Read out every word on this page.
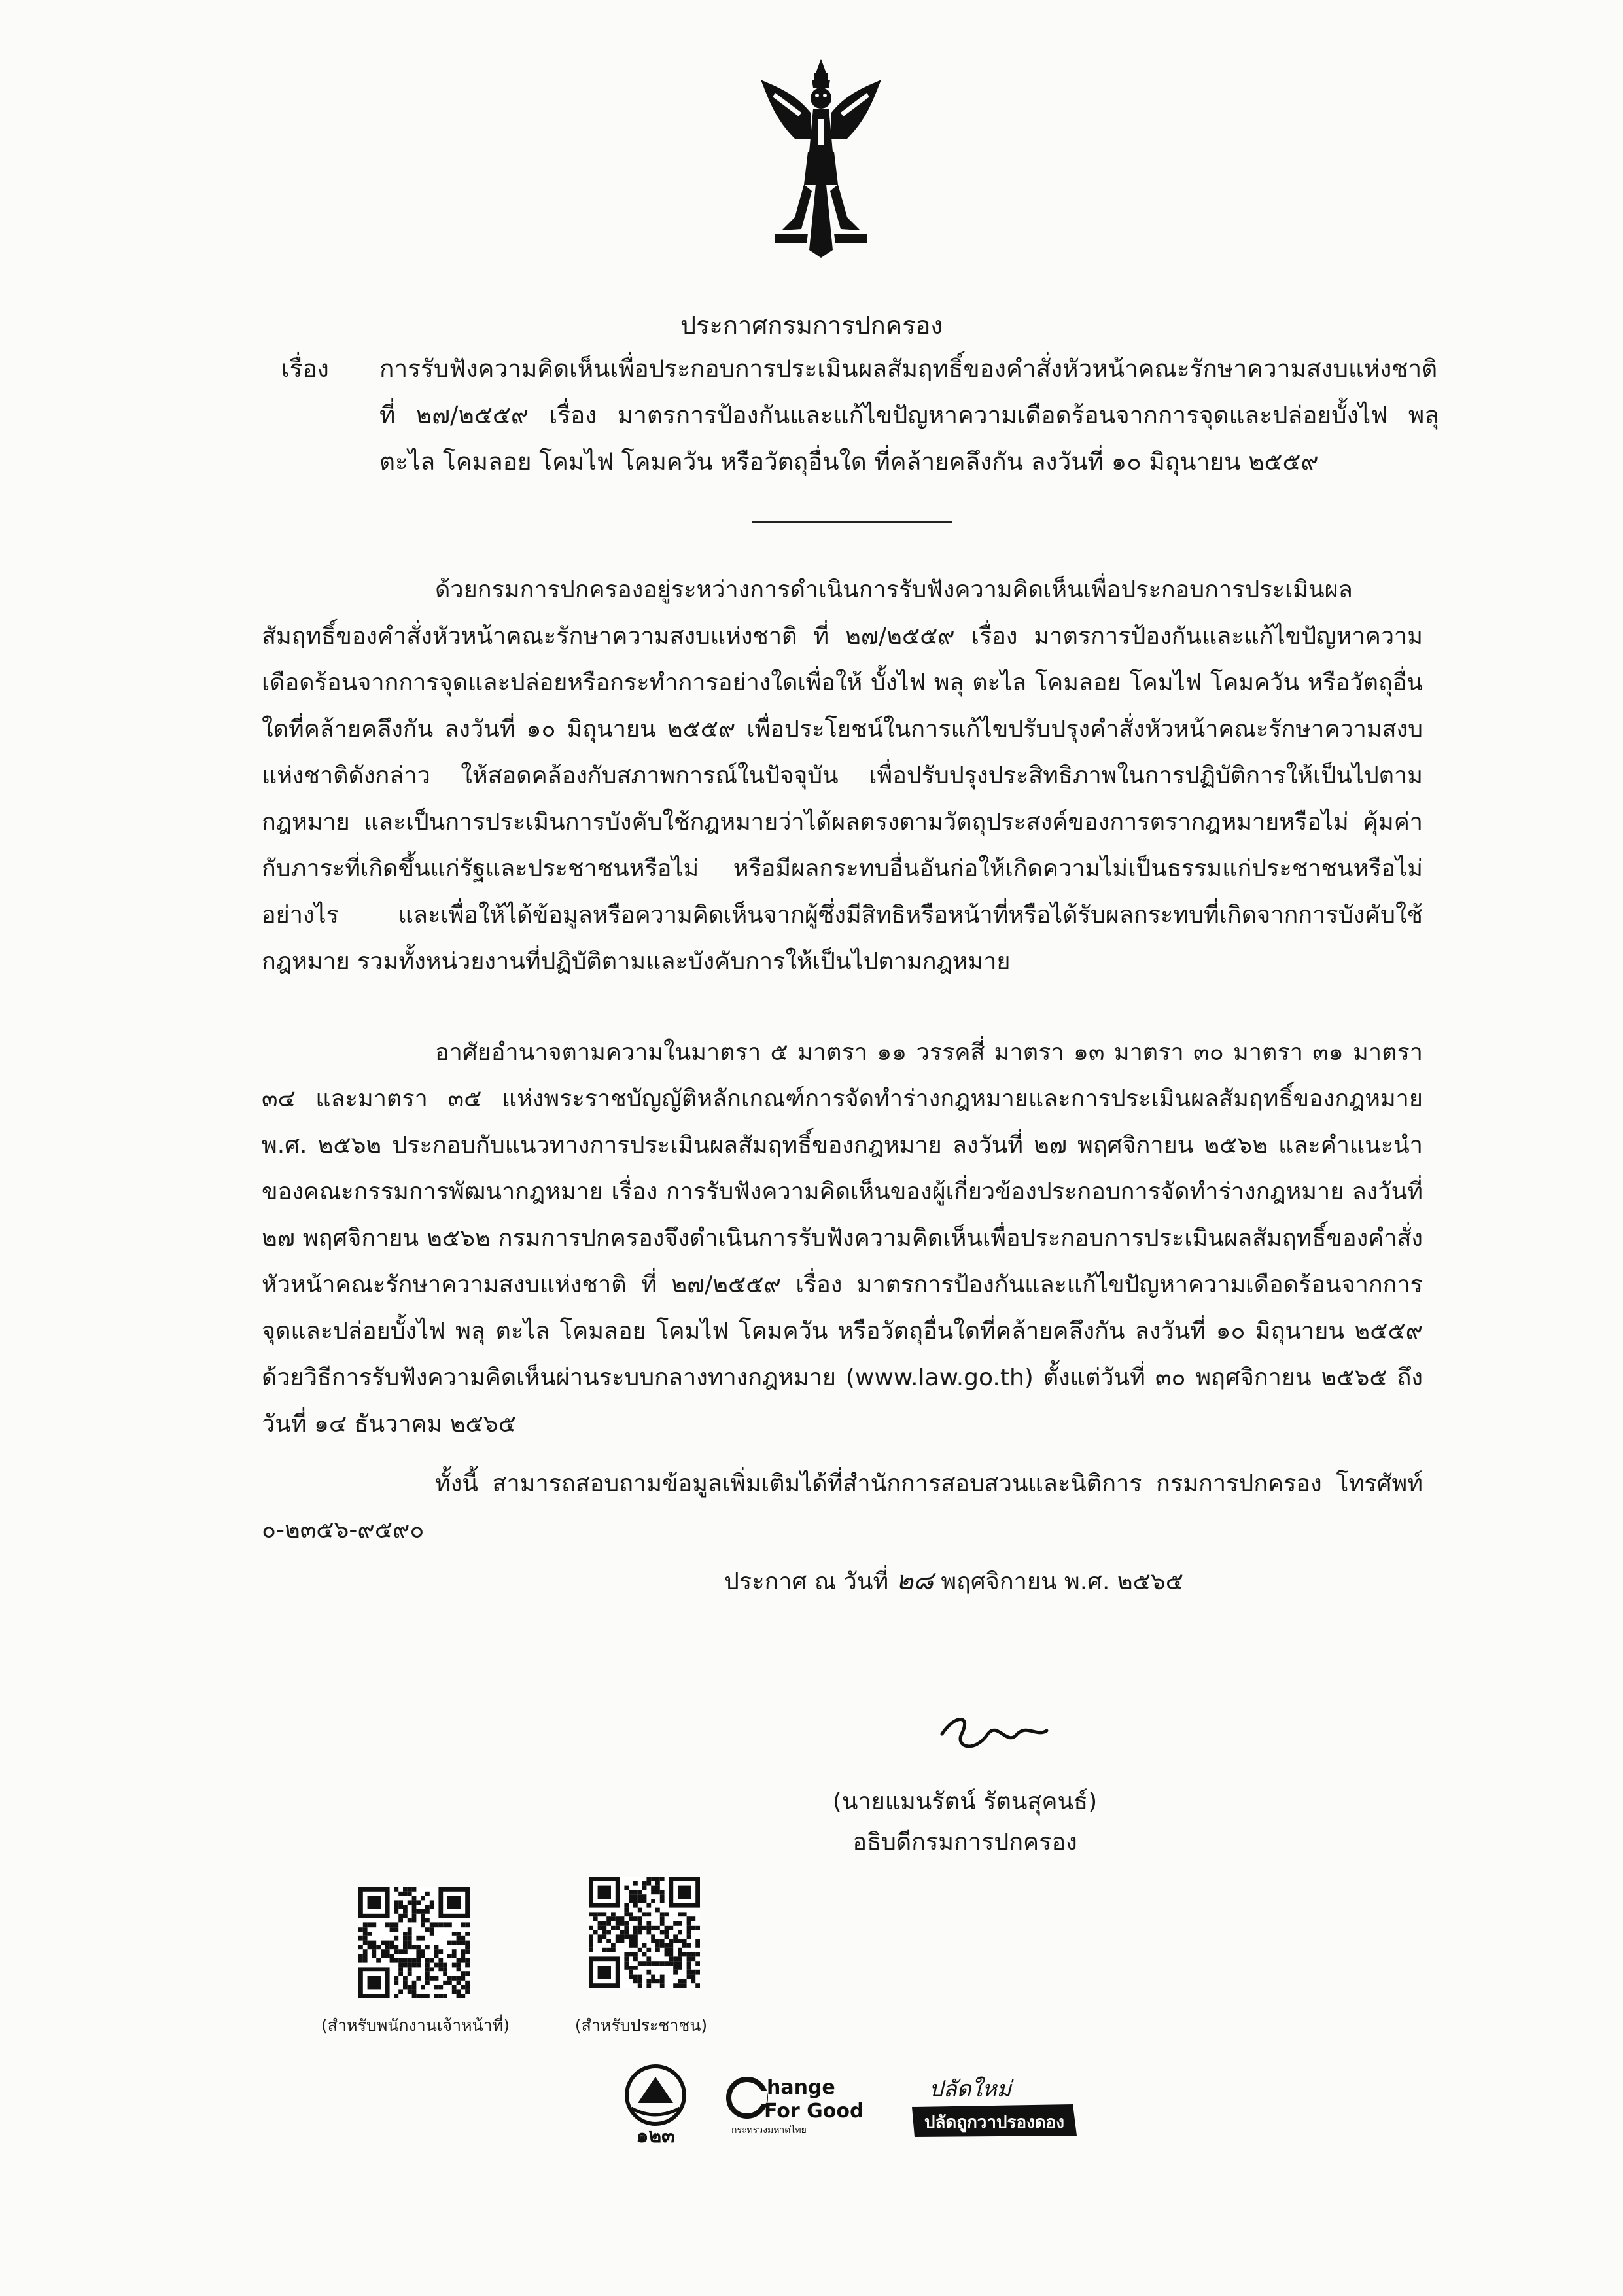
ประกาศกรมการปกครอง
เรื่อง การรับฟังความคิดเห็นเพื่อประกอบการประเมินผลสัมฤทธิ์ของคำสั่งหัวหน้าคณะรักษาความสงบแห่งชาติ ที่ ๒๗/๒๕๕๙ เรื่อง มาตรการป้องกันและแก้ไขปัญหาความเดือดร้อนจากการจุดและปล่อยบั้งไฟ พลุ ตะไล โคมลอย โคมไฟ โคมควัน หรือวัตถุอื่นใด ที่คล้ายคลึงกัน ลงวันที่ ๑๐ มิถุนายน ๒๕๕๙

ด้วยกรมการปกครองอยู่ระหว่างการดำเนินการรับฟังความคิดเห็นเพื่อประกอบการประเมินผลสัมฤทธิ์ของคำสั่งหัวหน้าคณะรักษาความสงบแห่งชาติ ที่ ๒๗/๒๕๕๙ เรื่อง มาตรการป้องกันและแก้ไขปัญหาความเดือดร้อนจากการจุดและปล่อยหรือกระทำการอย่างใดเพื่อให้ บั้งไฟ พลุ ตะไล โคมลอย โคมไฟ โคมควัน หรือวัตถุอื่นใดที่คล้ายคลึงกัน ลงวันที่ ๑๐ มิถุนายน ๒๕๕๙ เพื่อประโยชน์ในการแก้ไขปรับปรุงคำสั่งหัวหน้าคณะรักษาความสงบแห่งชาติดังกล่าว ให้สอดคล้องกับสภาพการณ์ในปัจจุบัน เพื่อปรับปรุงประสิทธิภาพในการปฏิบัติการให้เป็นไปตามกฎหมาย และเป็นการประเมินการบังคับใช้กฎหมายว่าได้ผลตรงตามวัตถุประสงค์ของการตรากฎหมายหรือไม่ คุ้มค่ากับภาระที่เกิดขึ้นแก่รัฐและประชาชนหรือไม่ หรือมีผลกระทบอื่นอันก่อให้เกิดความไม่เป็นธรรมแก่ประชาชนหรือไม่ อย่างไร และเพื่อให้ได้ข้อมูลหรือความคิดเห็นจากผู้ซึ่งมีสิทธิหรือหน้าที่หรือได้รับผลกระทบที่เกิดจากการบังคับใช้กฎหมาย รวมทั้งหน่วยงานที่ปฏิบัติตามและบังคับการให้เป็นไปตามกฎหมาย

อาศัยอำนาจตามความในมาตรา ๕ มาตรา ๑๑ วรรคสี่ มาตรา ๑๓ มาตรา ๓๐ มาตรา ๓๑ มาตรา ๓๔ และมาตรา ๓๕ แห่งพระราชบัญญัติหลักเกณฑ์การจัดทำร่างกฎหมายและการประเมินผลสัมฤทธิ์ของกฎหมาย พ.ศ. ๒๕๖๒ ประกอบกับแนวทางการประเมินผลสัมฤทธิ์ของกฎหมาย ลงวันที่ ๒๗ พฤศจิกายน ๒๕๖๒ และคำแนะนำของคณะกรรมการพัฒนากฎหมาย เรื่อง การรับฟังความคิดเห็นของผู้เกี่ยวข้องประกอบการจัดทำร่างกฎหมาย ลงวันที่ ๒๗ พฤศจิกายน ๒๕๖๒ กรมการปกครองจึงดำเนินการรับฟังความคิดเห็นเพื่อประกอบการประเมินผลสัมฤทธิ์ของคำสั่งหัวหน้าคณะรักษาความสงบแห่งชาติ ที่ ๒๗/๒๕๕๙ เรื่อง มาตรการป้องกันและแก้ไขปัญหาความเดือดร้อนจากการจุดและปล่อยบั้งไฟ พลุ ตะไล โคมลอย โคมไฟ โคมควัน หรือวัตถุอื่นใดที่คล้ายคลึงกัน ลงวันที่ ๑๐ มิถุนายน ๒๕๕๙ ด้วยวิธีการรับฟังความคิดเห็นผ่านระบบกลางทางกฎหมาย (www.law.go.th) ตั้งแต่วันที่ ๓๐ พฤศจิกายน ๒๕๖๕ ถึงวันที่ ๑๔ ธันวาคม ๒๕๖๕

ทั้งนี้ สามารถสอบถามข้อมูลเพิ่มเติมได้ที่สำนักการสอบสวนและนิติการ กรมการปกครอง โทรศัพท์ ๐-๒๓๕๖-๙๕๙๐

ประกาศ ณ วันที่ ๒๘ พฤศจิกายน พ.ศ. ๒๕๖๕
(นายแมนรัตน์ รัตนสุคนธ์)
อธิบดีกรมการปกครอง
(สำหรับพนักงานเจ้าหน้าที่)	(สำหรับประชาชน)
๑๒๓
hange
For Good
กระทรวงมหาดไทย
ปลัดใหม่
ปลัดถูกวาปรองดอง
